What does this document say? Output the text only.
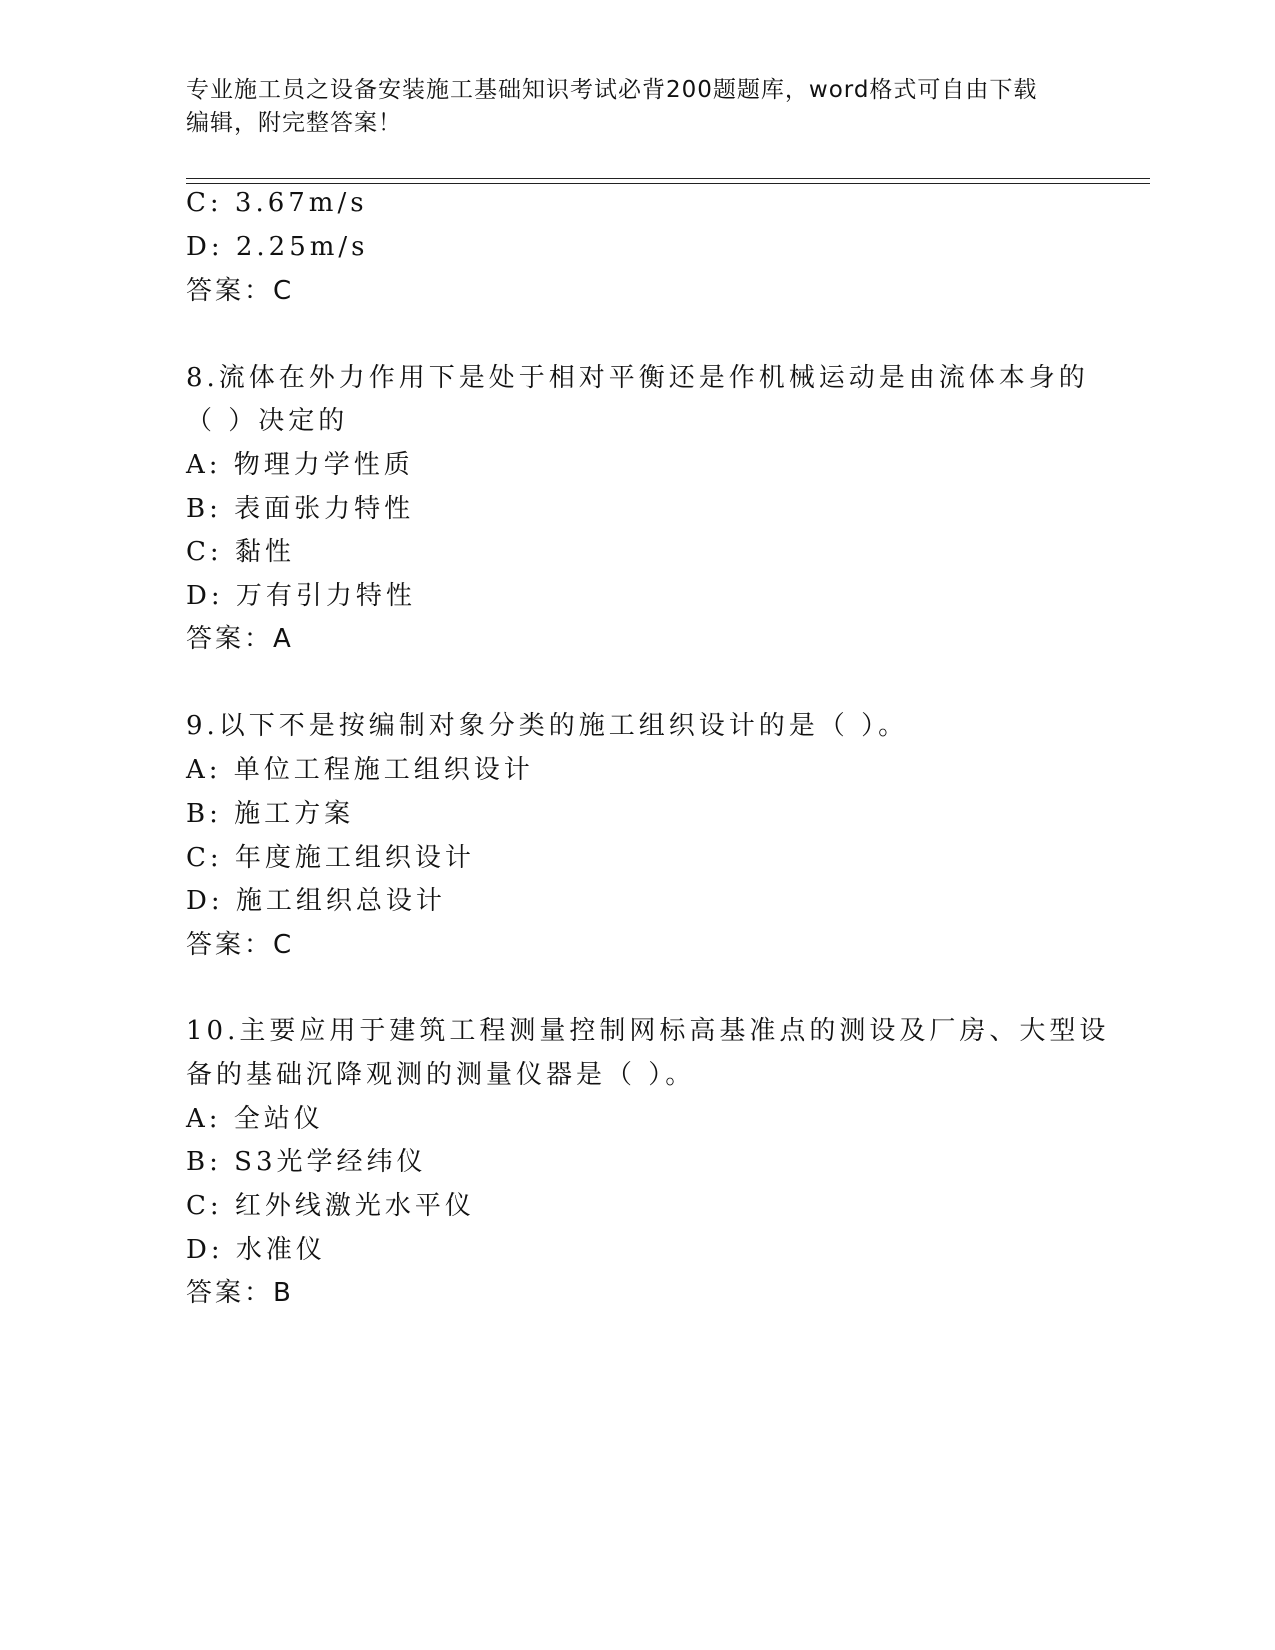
专业施工员之设备安装施工基础知识考试必背200题题库，word格式可自由下载
编辑，附完整答案！
C: 3.67m/s
D: 2.25m/s
答案：C
8.流体在外力作用下是处于相对平衡还是作机械运动是由流体本身的
（ ）决定的
A: 物理力学性质
B: 表面张力特性
C: 黏性
D: 万有引力特性
答案：A
9.以下不是按编制对象分类的施工组织设计的是（ ）。
A: 单位工程施工组织设计
B: 施工方案
C: 年度施工组织设计
D: 施工组织总设计
答案：C
10.主要应用于建筑工程测量控制网标高基准点的测设及厂房、大型设
备的基础沉降观测的测量仪器是（ ）。
A: 全站仪
B: S3光学经纬仪
C: 红外线激光水平仪
D: 水准仪
答案：B
